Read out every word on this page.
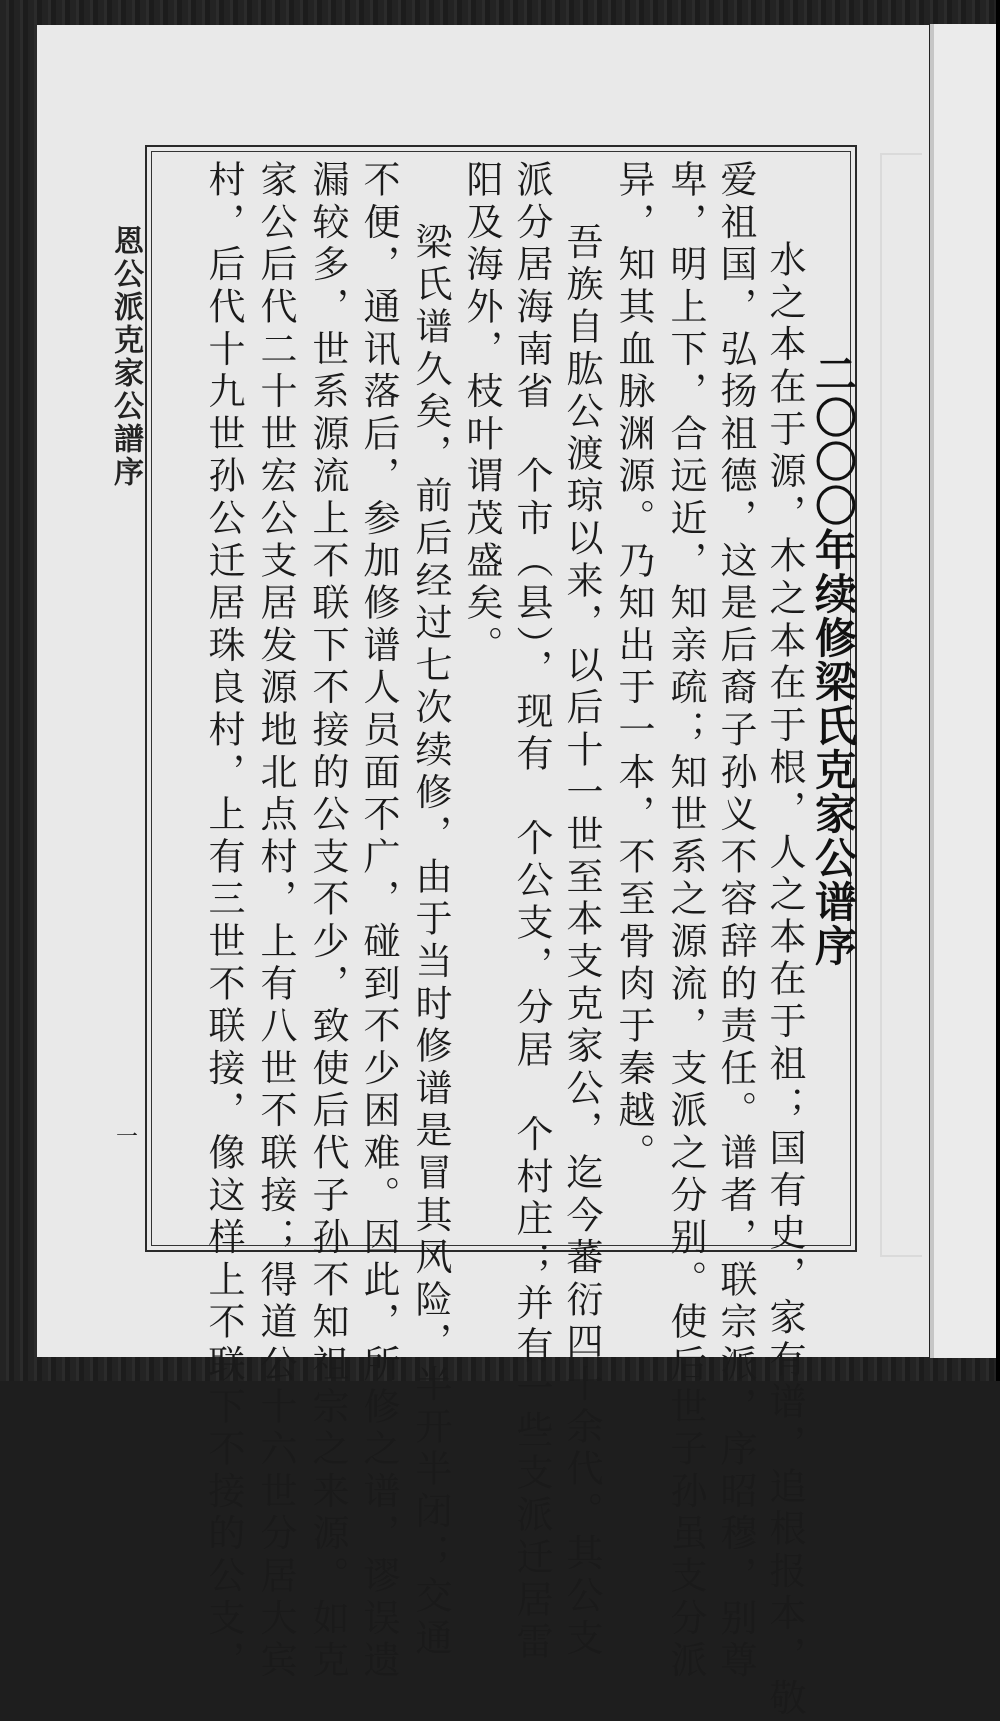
恩公派克家公譜序
一
二〇〇〇年续修梁氏克家公谱序
水之本在于源，木之本在于根，人之本在于祖；国有史，家有谱，追根报本，敬
爱祖国，弘扬祖德，这是后裔子孙义不容辞的责任。谱者，联宗派，序昭穆，别尊
卑，明上下，合远近，知亲疏；知世系之源流，支派之分别。使后世子孙虽支分派
异，知其血脉渊源。乃知出于一本，不至骨肉于秦越。
　吾族自肱公渡琼以来，以后十一世至本支克家公，迄今蕃衍四十余代。其公支
派分居海南省　个市（县），现有　个公支，分居　个村庄；并有一些支派迁居雷
阳及海外，枝叶谓茂盛矣。
　梁氏谱久矣，前后经过七次续修，由于当时修谱是冒其风险，半开半闭；交通
不便，通讯落后，参加修谱人员面不广，碰到不少困难。因此，所修之谱，谬误遗
漏较多，世系源流上不联下不接的公支不少，致使后代子孙不知祖宗之来源。如克
家公后代二十世宏公支居发源地北点村，上有八世不联接；得道公十六世分居大宾
村，后代十九世孙公迁居珠良村，上有三世不联接，像这样上不联下不接的公支，
